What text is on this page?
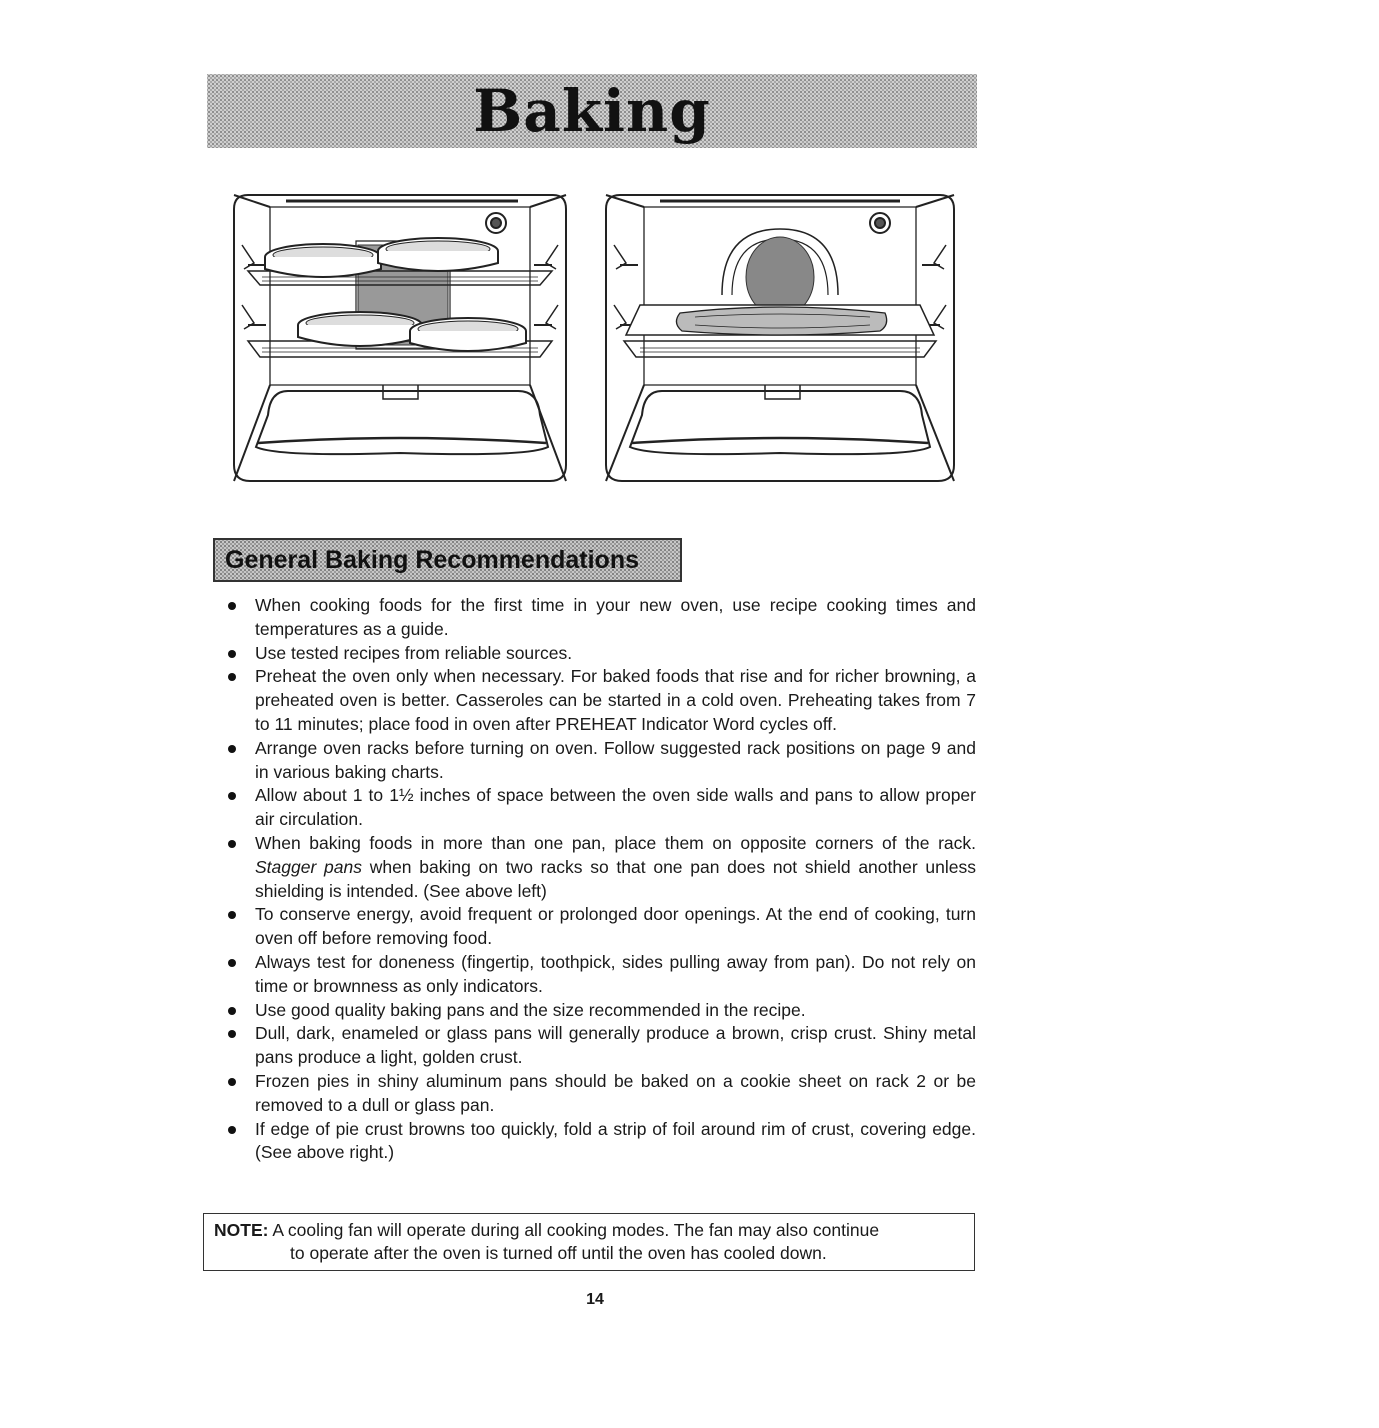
Baking
General Baking Recommendations
When cooking foods for the first time in your new oven, use recipe cooking times and temperatures as a guide.
Use tested recipes from reliable sources.
Preheat the oven only when necessary. For baked foods that rise and for richer browning, a preheated oven is better. Casseroles can be started in a cold oven. Preheating takes from 7 to 11 minutes; place food in oven after PREHEAT Indicator Word cycles off.
Arrange oven racks before turning on oven. Follow suggested rack positions on page 9 and in various baking charts.
Allow about 1 to 1½ inches of space between the oven side walls and pans to allow proper air circulation.
When baking foods in more than one pan, place them on opposite corners of the rack. Stagger pans when baking on two racks so that one pan does not shield another unless shielding is intended. (See above left)
To conserve energy, avoid frequent or prolonged door openings. At the end of cooking, turn oven off before removing food.
Always test for doneness (fingertip, toothpick, sides pulling away from pan). Do not rely on time or brownness as only indicators.
Use good quality baking pans and the size recommended in the recipe.
Dull, dark, enameled or glass pans will generally produce a brown, crisp crust. Shiny metal pans produce a light, golden crust.
Frozen pies in shiny aluminum pans should be baked on a cookie sheet on rack 2 or be removed to a dull or glass pan.
If edge of pie crust browns too quickly, fold a strip of foil around rim of crust, covering edge. (See above right.)
NOTE: A cooling fan will operate during all cooking modes. The fan may also continue
to operate after the oven is turned off until the oven has cooled down.
14
